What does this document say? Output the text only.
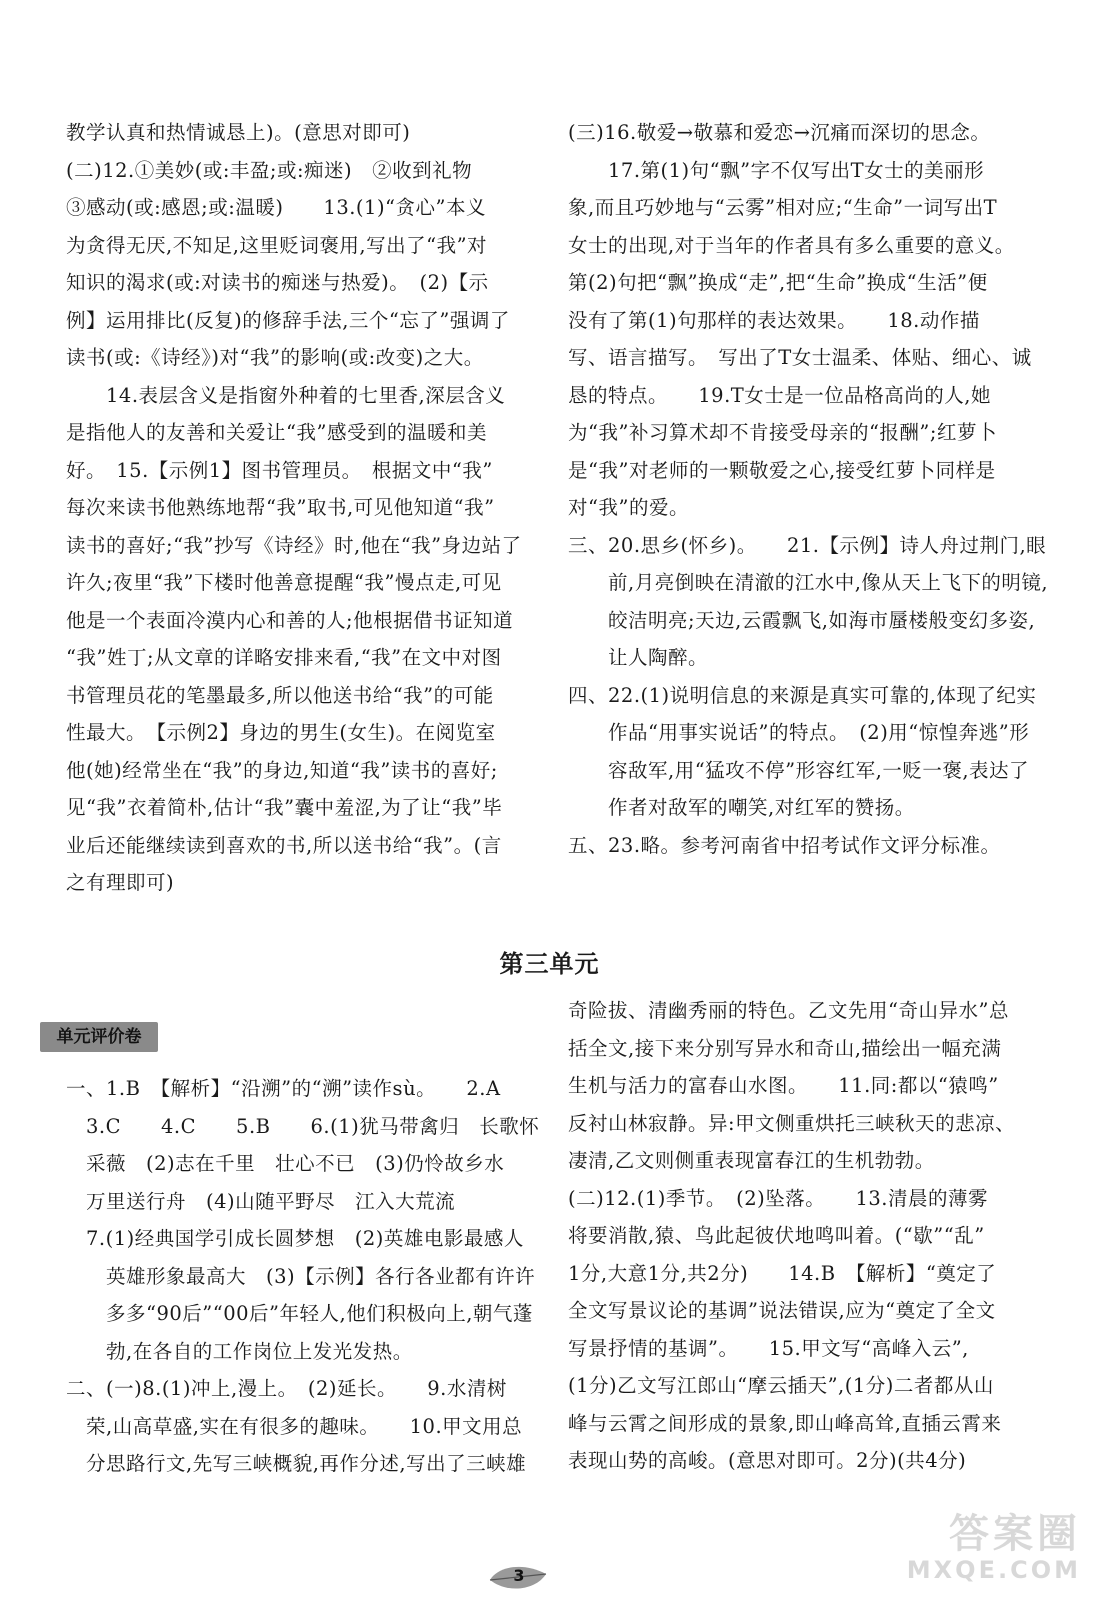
教学认真和热情诚恳上)。(意思对即可)

(二)12.①美妙(或:丰盈;或:痴迷)　②收到礼物

③感动(或:感恩;或:温暖)　　13.(1)“贪心”本义

为贪得无厌,不知足,这里贬词褒用,写出了“我”对

知识的渴求(或:对读书的痴迷与热爱)。　(2)【示

例】运用排比(反复)的修辞手法,三个“忘了”强调了

读书(或:《诗经》)对“我”的影响(或:改变)之大。

　　14.表层含义是指窗外种着的七里香,深层含义

是指他人的友善和关爱让“我”感受到的温暖和美

好。　15.【示例1】图书管理员。　根据文中“我”

每次来读书他熟练地帮“我”取书,可见他知道“我”

读书的喜好;“我”抄写《诗经》时,他在“我”身边站了

许久;夜里“我”下楼时他善意提醒“我”慢点走,可见

他是一个表面冷漠内心和善的人;他根据借书证知道

“我”姓丁;从文章的详略安排来看,“我”在文中对图

书管理员花的笔墨最多,所以他送书给“我”的可能

性最大。　【示例2】身边的男生(女生)。在阅览室

他(她)经常坐在“我”的身边,知道“我”读书的喜好;

见“我”衣着简朴,估计“我”囊中羞涩,为了让“我”毕

业后还能继续读到喜欢的书,所以送书给“我”。(言

之有理即可)

(三)16.敬爱→敬慕和爱恋→沉痛而深切的思念。

　　17.第(1)句“飘”字不仅写出T女士的美丽形

象,而且巧妙地与“云雾”相对应;“生命”一词写出T

女士的出现,对于当年的作者具有多么重要的意义。

第(2)句把“飘”换成“走”,把“生命”换成“生活”便

没有了第(1)句那样的表达效果。　　18.动作描

写、语言描写。　写出了T女士温柔、体贴、细心、诚

恳的特点。　　19.T女士是一位品格高尚的人,她

为“我”补习算术却不肯接受母亲的“报酬”;红萝卜

是“我”对老师的一颗敬爱之心,接受红萝卜同样是

对“我”的爱。

三、20.思乡(怀乡)。　　21.【示例】诗人舟过荆门,眼

　　前,月亮倒映在清澈的江水中,像从天上飞下的明镜,

　　皎洁明亮;天边,云霞飘飞,如海市蜃楼般变幻多姿,

　　让人陶醉。

四、22.(1)说明信息的来源是真实可靠的,体现了纪实

　　作品“用事实说话”的特点。　(2)用“惊惶奔逃”形

　　容敌军,用“猛攻不停”形容红军,一贬一褒,表达了

　　作者对敌军的嘲笑,对红军的赞扬。

五、23.略。参考河南省中招考试作文评分标准。

第三单元
单元评价卷

一、1.B　【解析】“沿溯”的“溯”读作sù。　　2.A

　3.C　　4.C　　5.B　　6.(1)犹马带禽归　长歌怀

　采薇　(2)志在千里　壮心不已　(3)仍怜故乡水

　万里送行舟　(4)山随平野尽　江入大荒流

　7.(1)经典国学引成长圆梦想　(2)英雄电影最感人

　　英雄形象最高大　(3)【示例】各行各业都有许许

　　多多“90后”“00后”年轻人,他们积极向上,朝气蓬

　　勃,在各自的工作岗位上发光发热。

二、(一)8.(1)冲上,漫上。　(2)延长。　　9.水清树

　荣,山高草盛,实在有很多的趣味。　　10.甲文用总

　分思路行文,先写三峡概貌,再作分述,写出了三峡雄

奇险拔、清幽秀丽的特色。乙文先用“奇山异水”总

括全文,接下来分别写异水和奇山,描绘出一幅充满

生机与活力的富春山水图。　　11.同:都以“猿鸣”

反衬山林寂静。异:甲文侧重烘托三峡秋天的悲凉、

凄清,乙文则侧重表现富春江的生机勃勃。

(二)12.(1)季节。　(2)坠落。　　13.清晨的薄雾

将要消散,猿、鸟此起彼伏地鸣叫着。(“歇”“乱”

1分,大意1分,共2分)　　14.B　【解析】“奠定了

全文写景议论的基调”说法错误,应为“奠定了全文

写景抒情的基调”。　　15.甲文写“高峰入云”,

(1分)乙文写江郎山“摩云插天”,(1分)二者都从山

峰与云霄之间形成的景象,即山峰高耸,直插云霄来

表现山势的高峻。(意思对即可。2分)(共4分)

3
答案圈
MXQE.COM
